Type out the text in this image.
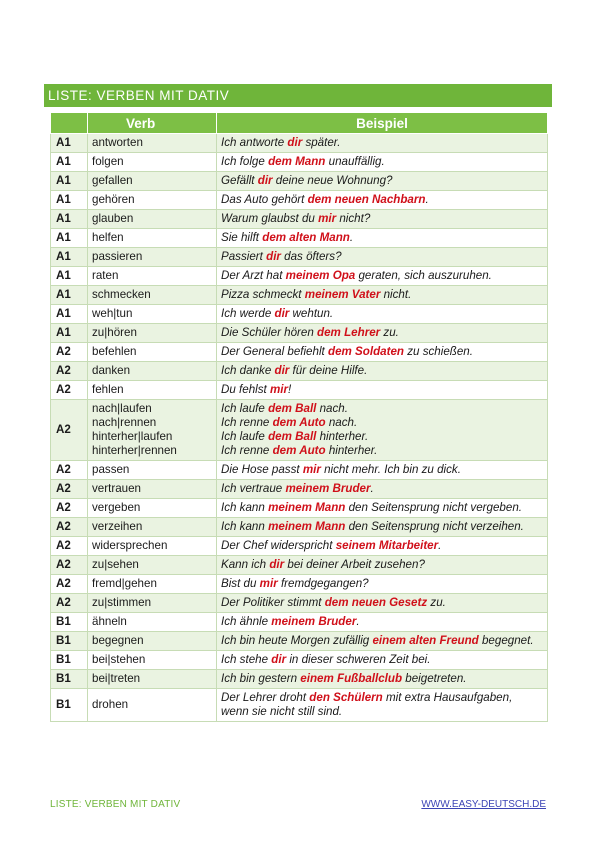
LISTE: VERBEN MIT DATIV
	Verb	Beispiel
A1	antworten	Ich antworte dir später.

A1	folgen	Ich folge dem Mann unauffällig.

A1	gefallen	Gefällt dir deine neue Wohnung?

A1	gehören	Das Auto gehört dem neuen Nachbarn.

A1	glauben	Warum glaubst du mir nicht?

A1	helfen	Sie hilft dem alten Mann.

A1	passieren	Passiert dir das öfters?

A1	raten	Der Arzt hat meinem Opa geraten, sich auszuruhen.

A1	schmecken	Pizza schmeckt meinem Vater nicht.

A1	weh|tun	Ich werde dir wehtun.

A1	zu|hören	Die Schüler hören dem Lehrer zu.

A2	befehlen	Der General befiehlt dem Soldaten zu schießen.

A2	danken	Ich danke dir für deine Hilfe.

A2	fehlen	Du fehlst mir!

A2	nach|laufen
nach|rennen
hinterher|laufen
hinterher|rennen	Ich laufe dem Ball nach.
Ich renne dem Auto nach.
Ich laufe dem Ball hinterher.
Ich renne dem Auto hinterher.

A2	passen	Die Hose passt mir nicht mehr. Ich bin zu dick.

A2	vertrauen	Ich vertraue meinem Bruder.

A2	vergeben	Ich kann meinem Mann den Seitensprung nicht vergeben.

A2	verzeihen	Ich kann meinem Mann den Seitensprung nicht verzeihen.

A2	widersprechen	Der Chef widerspricht seinem Mitarbeiter.

A2	zu|sehen	Kann ich dir bei deiner Arbeit zusehen?

A2	fremd|gehen	Bist du mir fremdgegangen?

A2	zu|stimmen	Der Politiker stimmt dem neuen Gesetz zu.

B1	ähneln	Ich ähnle meinem Bruder.

B1	begegnen	Ich bin heute Morgen zufällig einem alten Freund begegnet.

B1	bei|stehen	Ich stehe dir in dieser schweren Zeit bei.

B1	bei|treten	Ich bin gestern einem Fußballclub beigetreten.

B1	drohen	Der Lehrer droht den Schülern mit extra Hausaufgaben, wenn sie nicht still sind.
LISTE: VERBEN MIT DATIV	WWW.EASY-DEUTSCH.DE
